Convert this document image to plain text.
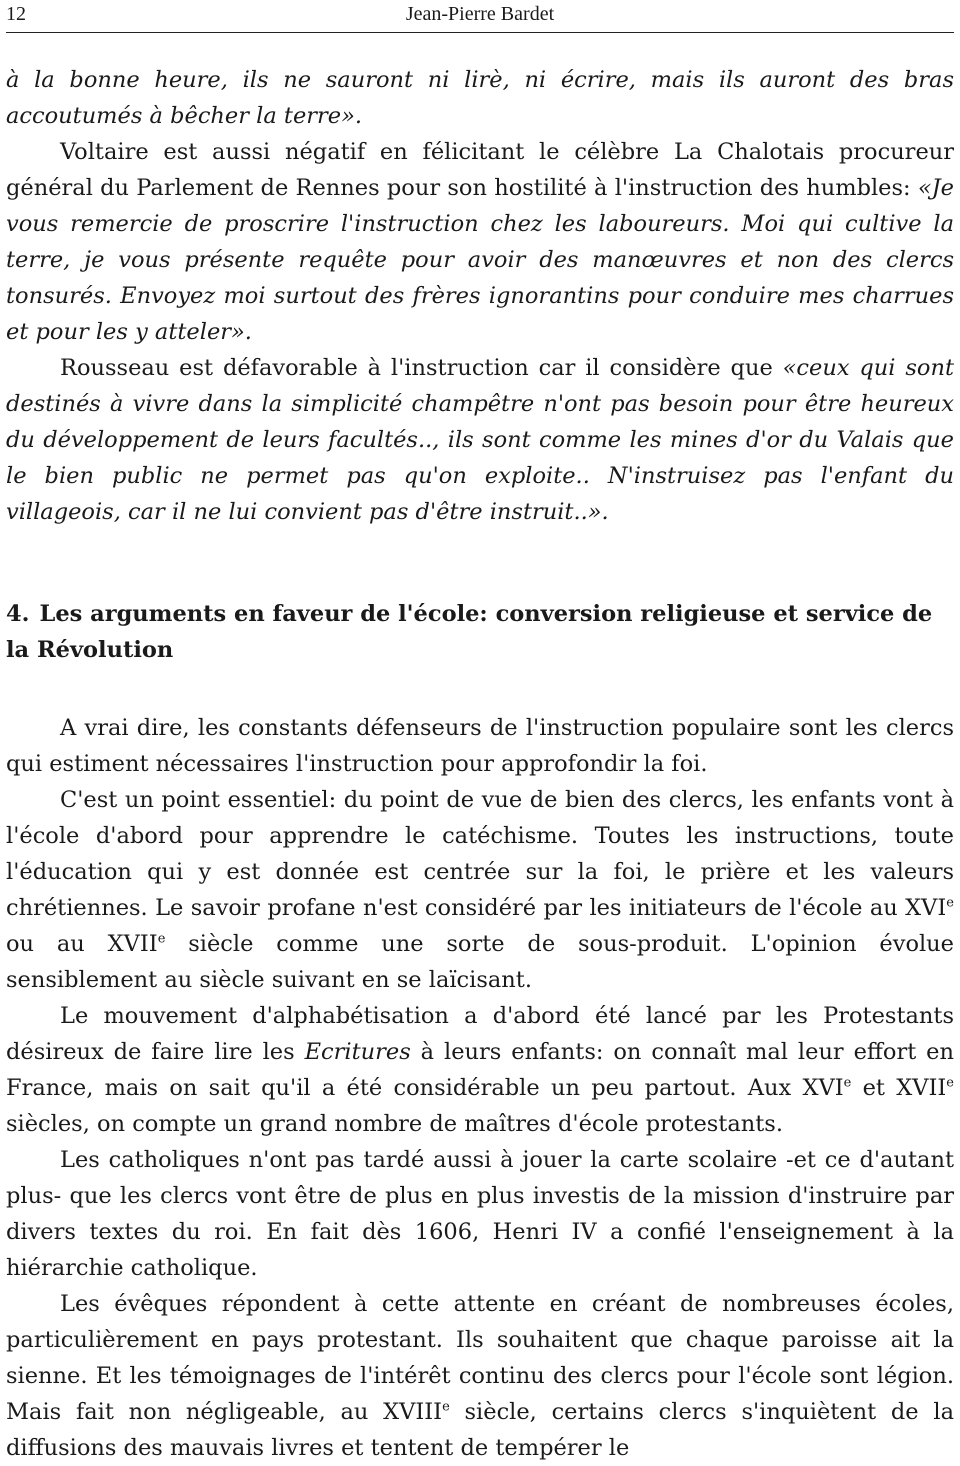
12	Jean-Pierre Bardet

à la bonne heure, ils ne sauront ni lirè, ni écrire, mais ils auront des bras accoutumés à bêcher la terre».

Voltaire est aussi négatif en félicitant le célèbre La Chalotais procureur général du Parlement de Rennes pour son hostilité à l'instruction des humbles: «Je vous remercie de proscrire l'instruction chez les laboureurs. Moi qui cultive la terre, je vous présente requête pour avoir des manœuvres et non des clercs tonsurés. Envoyez moi surtout des frères ignorantins pour conduire mes charrues et pour les y atteler».

Rousseau est défavorable à l'instruction car il considère que «ceux qui sont destinés à vivre dans la simplicité champêtre n'ont pas besoin pour être heureux du développement de leurs facultés.., ils sont comme les mines d'or du Valais que le bien public ne permet pas qu'on exploite.. N'instruisez pas l'enfant du villageois, car il ne lui convient pas d'être instruit..».

4. Les arguments en faveur de l'école: conversion religieuse et service de la Révolution

A vrai dire, les constants défenseurs de l'instruction populaire sont les clercs qui estiment nécessaires l'instruction pour approfondir la foi.

C'est un point essentiel: du point de vue de bien des clercs, les enfants vont à l'école d'abord pour apprendre le catéchisme. Toutes les instructions, toute l'éducation qui y est donnée est centrée sur la foi, le prière et les valeurs chrétiennes. Le savoir profane n'est considéré par les initiateurs de l'école au XVIe ou au XVIIe siècle comme une sorte de sous-produit. L'opinion évolue sensiblement au siècle suivant en se laïcisant.

Le mouvement d'alphabétisation a d'abord été lancé par les Protestants désireux de faire lire les Ecritures à leurs enfants: on connaît mal leur effort en France, mais on sait qu'il a été considérable un peu partout. Aux XVIe et XVIIe siècles, on compte un grand nombre de maîtres d'école protestants.

Les catholiques n'ont pas tardé aussi à jouer la carte scolaire -et ce d'autant plus- que les clercs vont être de plus en plus investis de la mission d'instruire par divers textes du roi. En fait dès 1606, Henri IV a confié l'enseignement à la hiérarchie catholique.

Les évêques répondent à cette attente en créant de nombreuses écoles, particulièrement en pays protestant. Ils souhaitent que chaque paroisse ait la sienne. Et les témoignages de l'intérêt continu des clercs pour l'école sont légion. Mais fait non négligeable, au XVIIIe siècle, certains clercs s'inquiètent de la diffusions des mauvais livres et tentent de tempérer le
